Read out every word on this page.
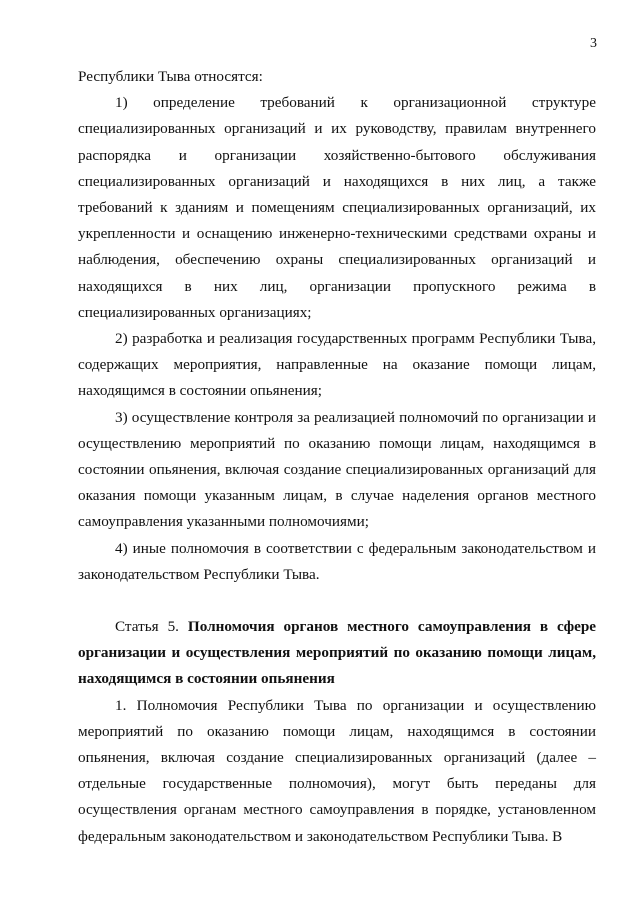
3

Республики Тыва относятся:

1) определение требований к организационной структуре специализированных организаций и их руководству, правилам внутреннего распорядка и организации хозяйственно-бытового обслуживания специализированных организаций и находящихся в них лиц, а также требований к зданиям и помещениям специализированных организаций, их укрепленности и оснащению инженерно-техническими средствами охраны и наблюдения, обеспечению охраны специализированных организаций и находящихся в них лиц, организации пропускного режима в специализированных организациях;

2) разработка и реализация государственных программ Республики Тыва, содержащих мероприятия, направленные на оказание помощи лицам, находящимся в состоянии опьянения;

3) осуществление контроля за реализацией полномочий по организации и осуществлению мероприятий по оказанию помощи лицам, находящимся в состоянии опьянения, включая создание специализированных организаций для оказания помощи указанным лицам, в случае наделения органов местного самоуправления указанными полномочиями;

4) иные полномочия в соответствии с федеральным законодательством и законодательством Республики Тыва.

Статья 5. Полномочия органов местного самоуправления в сфере организации и осуществления мероприятий по оказанию помощи лицам, находящимся в состоянии опьянения

1. Полномочия Республики Тыва по организации и осуществлению мероприятий по оказанию помощи лицам, находящимся в состоянии опьянения, включая создание специализированных организаций (далее – отдельные государственные полномочия), могут быть переданы для осуществления органам местного самоуправления в порядке, установленном федеральным законодательством и законодательством Республики Тыва. В
